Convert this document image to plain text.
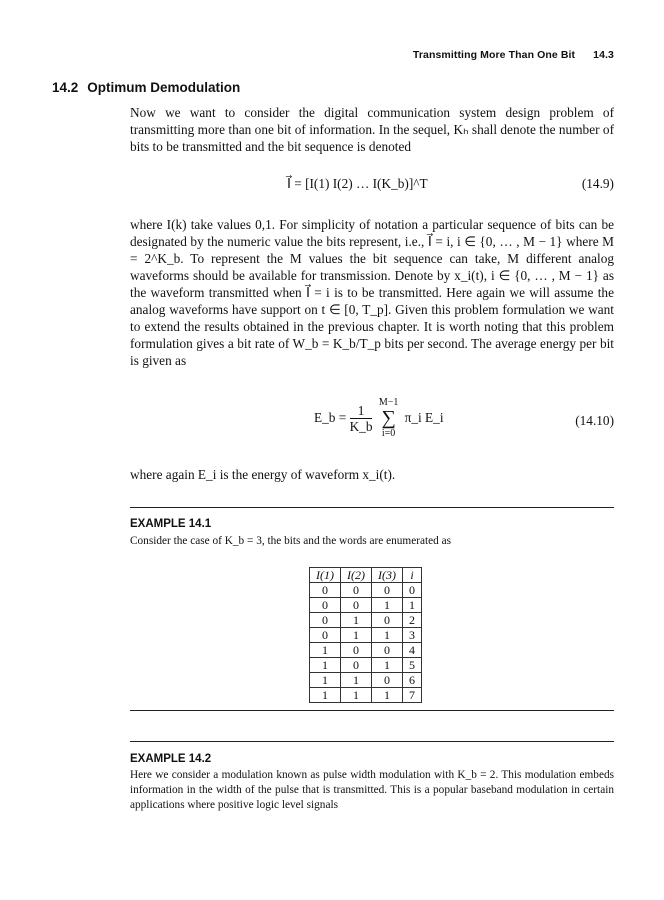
Transmitting More Than One Bit 14.3
14.2 Optimum Demodulation

Now we want to consider the digital communication system design problem of transmitting more than one bit of information. In the sequel, Kₕ shall denote the number of bits to be transmitted and the bit sequence is denoted

I⃗ = [I(1) I(2) … I(K_b)]^T	(14.9)

where I(k) take values 0,1. For simplicity of notation a particular sequence of bits can be designated by the numeric value the bits represent, i.e., I⃗ = i, i ∈ {0, … , M − 1} where M = 2^K_b. To represent the M values the bit sequence can take, M different analog waveforms should be available for transmission. Denote by x_i(t), i ∈ {0, … , M − 1} as the waveform transmitted when I⃗ = i is to be transmitted. Here again we will assume the analog waveforms have support on t ∈ [0, T_p]. Given this problem formulation we want to extend the results obtained in the previous chapter. It is worth noting that this problem formulation gives a bit rate of W_b = K_b/T_p bits per second. The average energy per bit is given as

E_b = $\frac{1}{K\_b}$
M−1
∑
i=0
π_i E_i	(14.10)

where again E_i is the energy of waveform x_i(t).

EXAMPLE 14.1

Consider the case of K_b = 3, the bits and the words are enumerated as

I(1)	I(2)	I(3)	i
0	0	0	0
0	0	1	1
0	1	0	2
0	1	1	3
1	0	0	4
1	0	1	5
1	1	0	6
1	1	1	7
EXAMPLE 14.2

Here we consider a modulation known as pulse width modulation with K_b = 2. This modulation embeds information in the width of the pulse that is transmitted. This is a popular baseband modulation in certain applications where positive logic level signals
